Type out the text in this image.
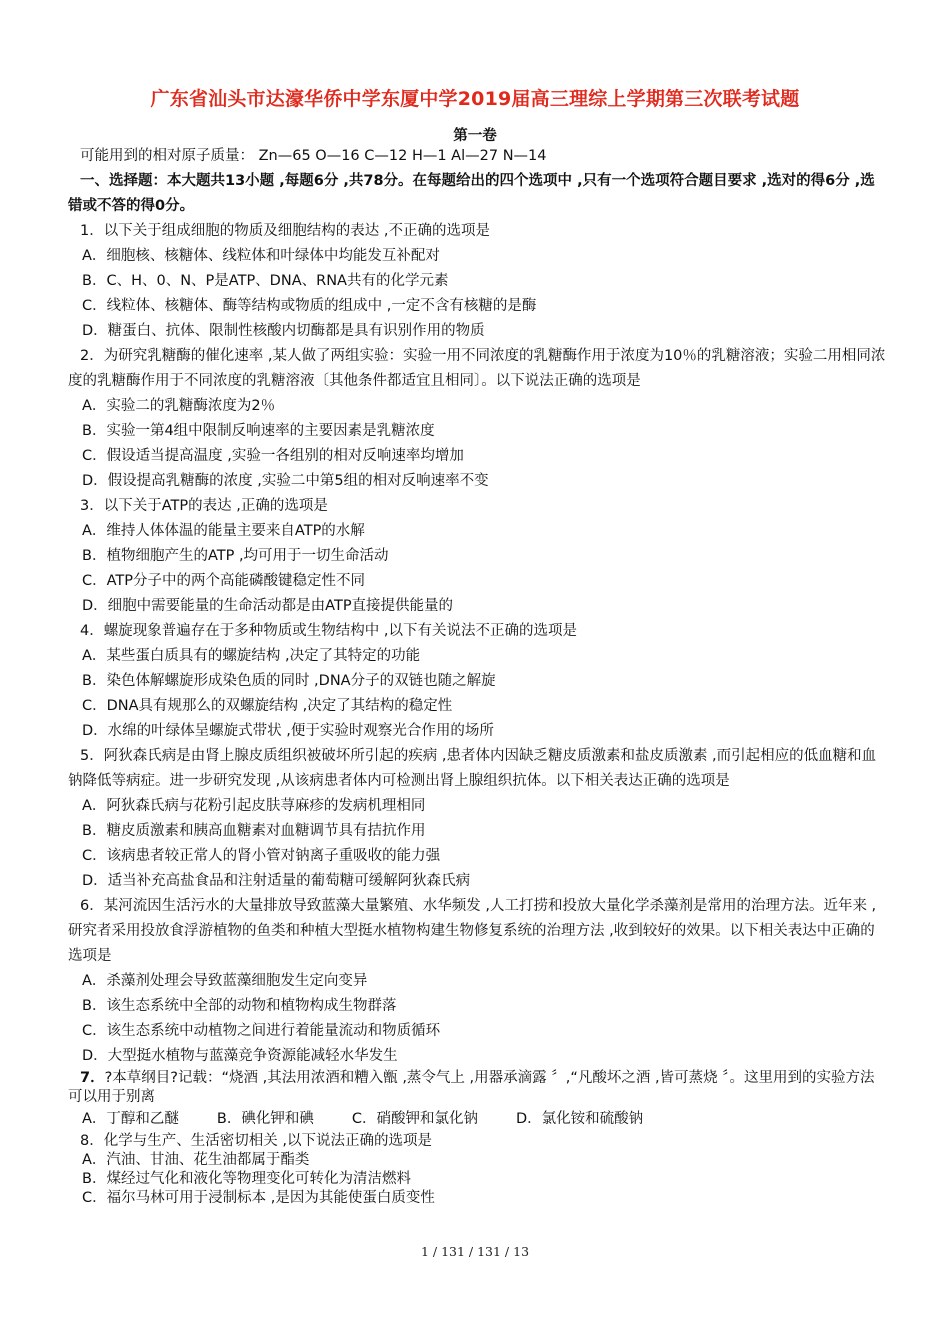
广东省汕头市达濠华侨中学东厦中学2019届高三理综上学期第三次联考试题
第一卷

可能用到的相对原子质量： Zn—65 O—16 C—12 H—1 Al—27 N—14

一、选择题：本大题共13小题 ,每题6分 ,共78分。在每题给出的四个选项中 ,只有一个选项符合题目要求 ,选对的得6分 ,选错或不答的得0分。

1．以下关于组成细胞的物质及细胞结构的表达 ,不正确的选项是

A．细胞核、核糖体、线粒体和叶绿体中均能发互补配对

B．C、H、0、N、P是ATP、DNA、RNA共有的化学元素

C．线粒体、核糖体、酶等结构或物质的组成中 ,一定不含有核糖的是酶

D．糖蛋白、抗体、限制性核酸内切酶都是具有识别作用的物质

2．为研究乳糖酶的催化速率 ,某人做了两组实验：实验一用不同浓度的乳糖酶作用于浓度为10％的乳糖溶液；实验二用相同浓度的乳糖酶作用于不同浓度的乳糖溶液〔其他条件都适宜且相同〕。以下说法正确的选项是

A．实验二的乳糖酶浓度为2％

B．实验一第4组中限制反响速率的主要因素是乳糖浓度

C．假设适当提高温度 ,实验一各组别的相对反响速率均增加

D．假设提高乳糖酶的浓度 ,实验二中第5组的相对反响速率不变

3．以下关于ATP的表达 ,正确的选项是

A．维持人体体温的能量主要来自ATP的水解

B．植物细胞产生的ATP ,均可用于一切生命活动

C．ATP分子中的两个高能磷酸键稳定性不同

D．细胞中需要能量的生命活动都是由ATP直接提供能量的

4．螺旋现象普遍存在于多种物质或生物结构中 ,以下有关说法不正确的选项是

A．某些蛋白质具有的螺旋结构 ,决定了其特定的功能

B．染色体解螺旋形成染色质的同时 ,DNA分子的双链也随之解旋

C．DNA具有规那么的双螺旋结构 ,决定了其结构的稳定性

D．水绵的叶绿体呈螺旋式带状 ,便于实验时观察光合作用的场所

5．阿狄森氏病是由肾上腺皮质组织被破坏所引起的疾病 ,患者体内因缺乏糖皮质激素和盐皮质激素 ,而引起相应的低血糖和血钠降低等病症。进一步研究发现 ,从该病患者体内可检测出肾上腺组织抗体。以下相关表达正确的选项是

A．阿狄森氏病与花粉引起皮肤荨麻疹的发病机理相同

B．糖皮质激素和胰高血糖素对血糖调节具有拮抗作用

C．该病患者较正常人的肾小管对钠离子重吸收的能力强

D．适当补充高盐食品和注射适量的葡萄糖可缓解阿狄森氏病

6．某河流因生活污水的大量排放导致蓝藻大量繁殖、水华频发 ,人工打捞和投放大量化学杀藻剂是常用的治理方法。近年来 ,研究者采用投放食浮游植物的鱼类和种植大型挺水植物构建生物修复系统的治理方法 ,收到较好的效果。以下相关表达中正确的选项是

A．杀藻剂处理会导致蓝藻细胞发生定向变异

B．该生态系统中全部的动物和植物构成生物群落

C．该生态系统中动植物之间进行着能量流动和物质循环

D．大型挺水植物与蓝藻竞争资源能减轻水华发生

7．?本草纲目?记载：“烧酒 ,其法用浓酒和糟入甑 ,蒸令气上 ,用器承滴露 〞,“凡酸坏之酒 ,皆可蒸烧 〞。这里用到的实验方法可以用于别离

A．丁醇和乙醚	B．碘化钾和碘	C．硝酸钾和氯化钠	D．氯化铵和硫酸钠

8．化学与生产、生活密切相关 ,以下说法正确的选项是

A．汽油、甘油、花生油都属于酯类

B．煤经过气化和液化等物理变化可转化为清洁燃料

C．福尔马林可用于浸制标本 ,是因为其能使蛋白质变性

1 / 131 / 131 / 13
